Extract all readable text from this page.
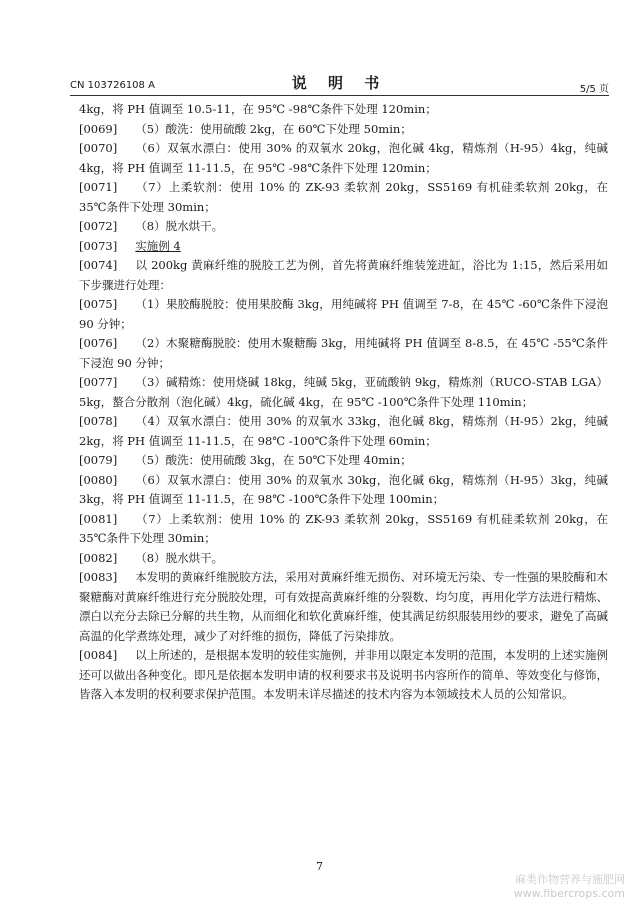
CN 103726108 A	说 明 书	5/5 页

4kg，将 PH 值调至 10.5-11，在 95℃ -98℃条件下处理 120min；

[0069] （5）酸洗：使用硫酸 2kg，在 60℃下处理 50min；

[0070] （6）双氧水漂白：使用 30% 的双氧水 20kg，泡化碱 4kg，精炼剂（H-95）4kg，纯碱 4kg，将 PH 值调至 11-11.5，在 95℃ -98℃条件下处理 120min；

[0071] （7）上柔软剂：使用 10% 的 ZK-93 柔软剂 20kg，SS5169 有机硅柔软剂 20kg，在 35℃条件下处理 30min；

[0072] （8）脱水烘干。

[0073] 实施例 4

[0074] 以 200kg 黄麻纤维的脱胶工艺为例，首先将黄麻纤维装笼进缸，浴比为 1:15，然后采用如下步骤进行处理：

[0075] （1）果胶酶脱胶：使用果胶酶 3kg，用纯碱将 PH 值调至 7-8，在 45℃ -60℃条件下浸泡 90 分钟；

[0076] （2）木聚糖酶脱胶：使用木聚糖酶 3kg，用纯碱将 PH 值调至 8-8.5，在 45℃ -55℃条件下浸泡 90 分钟；

[0077] （3）碱精炼：使用烧碱 18kg，纯碱 5kg，亚硫酸钠 9kg，精炼剂（RUCO-STAB LGA）5kg，螯合分散剂（泡化碱）4kg，硫化碱 4kg，在 95℃ -100℃条件下处理 110min；

[0078] （4）双氧水漂白：使用 30% 的双氧水 33kg，泡化碱 8kg，精炼剂（H-95）2kg，纯碱 2kg，将 PH 值调至 11-11.5，在 98℃ -100℃条件下处理 60min；

[0079] （5）酸洗：使用硫酸 3kg，在 50℃下处理 40min；

[0080] （6）双氧水漂白：使用 30% 的双氧水 30kg，泡化碱 6kg，精炼剂（H-95）3kg，纯碱 3kg，将 PH 值调至 11-11.5，在 98℃ -100℃条件下处理 100min；

[0081] （7）上柔软剂：使用 10% 的 ZK-93 柔软剂 20kg，SS5169 有机硅柔软剂 20kg，在 35℃条件下处理 30min；

[0082] （8）脱水烘干。

[0083] 本发明的黄麻纤维脱胶方法，采用对黄麻纤维无损伤、对环境无污染、专一性强的果胶酶和木聚糖酶对黄麻纤维进行充分脱胶处理，可有效提高黄麻纤维的分裂数、均匀度，再用化学方法进行精炼、漂白以充分去除已分解的共生物，从而细化和软化黄麻纤维，使其满足纺织服装用纱的要求，避免了高碱高温的化学煮练处理，减少了对纤维的损伤，降低了污染排放。

[0084] 以上所述的，是根据本发明的较佳实施例，并非用以限定本发明的范围，本发明的上述实施例还可以做出各种变化。即凡是依据本发明申请的权利要求书及说明书内容所作的简单、等效变化与修饰，皆落入本发明的权利要求保护范围。本发明未详尽描述的技术内容为本领域技术人员的公知常识。

7
麻类作物营养与施肥网
www.fibercrops.com
